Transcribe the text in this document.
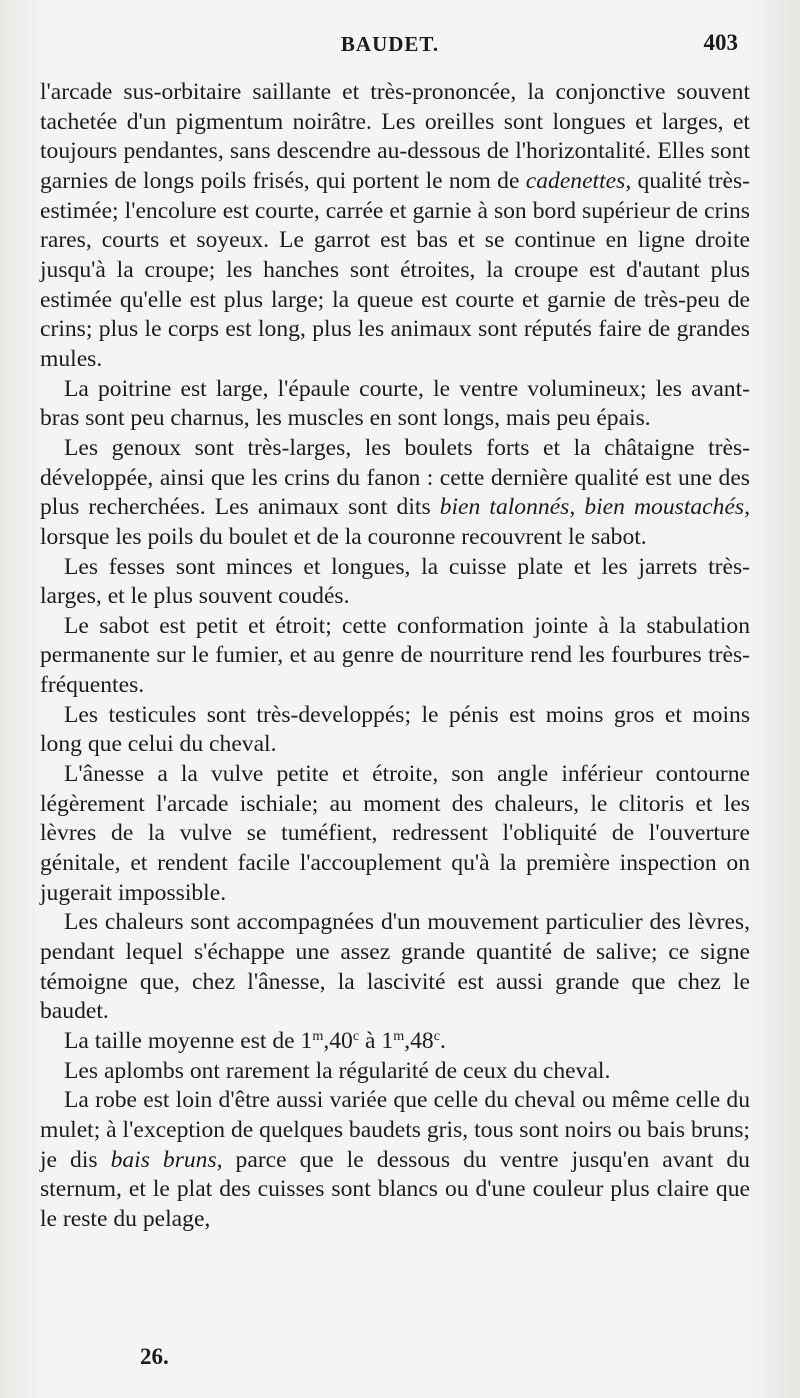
BAUDET.	403

l'arcade sus-orbitaire saillante et très-prononcée, la conjonctive souvent tachetée d'un pigmentum noirâtre. Les oreilles sont longues et larges, et toujours pendantes, sans descendre au-dessous de l'horizontalité. Elles sont garnies de longs poils frisés, qui portent le nom de cadenettes, qualité très-estimée; l'encolure est courte, carrée et garnie à son bord supérieur de crins rares, courts et soyeux. Le garrot est bas et se continue en ligne droite jusqu'à la croupe; les hanches sont étroites, la croupe est d'autant plus estimée qu'elle est plus large; la queue est courte et garnie de très-peu de crins; plus le corps est long, plus les animaux sont réputés faire de grandes mules.

La poitrine est large, l'épaule courte, le ventre volumineux; les avant-bras sont peu charnus, les muscles en sont longs, mais peu épais.

Les genoux sont très-larges, les boulets forts et la châtaigne très-développée, ainsi que les crins du fanon : cette dernière qualité est une des plus recherchées. Les animaux sont dits bien talonnés, bien moustachés, lorsque les poils du boulet et de la couronne recouvrent le sabot.

Les fesses sont minces et longues, la cuisse plate et les jarrets très-larges, et le plus souvent coudés.

Le sabot est petit et étroit; cette conformation jointe à la stabulation permanente sur le fumier, et au genre de nourriture rend les fourbures très-fréquentes.

Les testicules sont très-developpés; le pénis est moins gros et moins long que celui du cheval.

L'ânesse a la vulve petite et étroite, son angle inférieur contourne légèrement l'arcade ischiale; au moment des chaleurs, le clitoris et les lèvres de la vulve se tuméfient, redressent l'obliquité de l'ouverture génitale, et rendent facile l'accouplement qu'à la première inspection on jugerait impossible.

Les chaleurs sont accompagnées d'un mouvement particulier des lèvres, pendant lequel s'échappe une assez grande quantité de salive; ce signe témoigne que, chez l'ânesse, la lascivité est aussi grande que chez le baudet.

La taille moyenne est de 1$^m$,40$^c$ à 1$^m$,48$^c$.

Les aplombs ont rarement la régularité de ceux du cheval.

La robe est loin d'être aussi variée que celle du cheval ou même celle du mulet; à l'exception de quelques baudets gris, tous sont noirs ou bais bruns; je dis bais bruns, parce que le dessous du ventre jusqu'en avant du sternum, et le plat des cuisses sont blancs ou d'une couleur plus claire que le reste du pelage,

26.
